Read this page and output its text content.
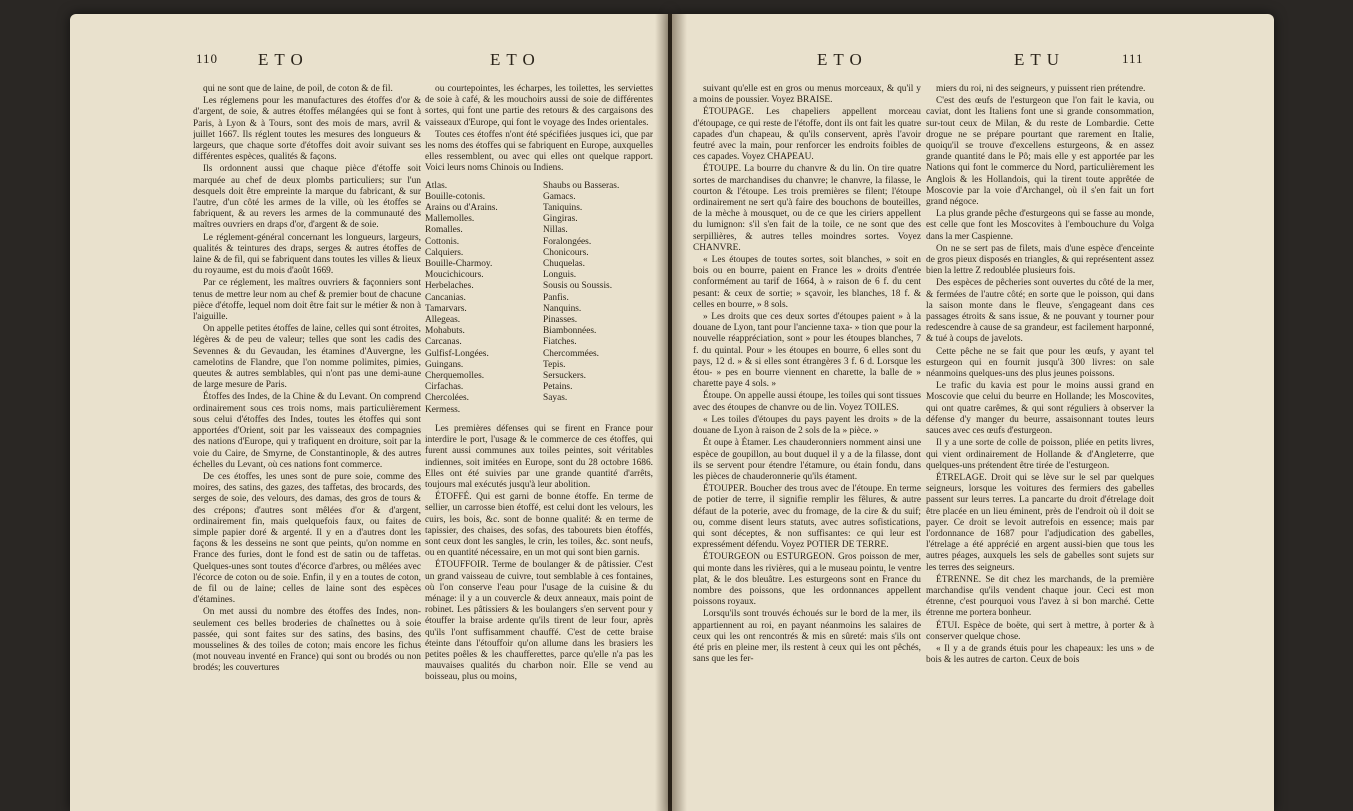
110 ETO	ETO	ETO	ETU	111

qui ne sont que de laine, de poil, de coton & de fil.

Les réglemens pour les manufactures des étoffes d'or & d'argent, de soie, & autres étoffes mélangées qui se font à Paris, à Lyon & à Tours, sont des mois de mars, avril & juillet 1667. Ils réglent toutes les mesures des longueurs & largeurs, que chaque sorte d'étoffes doit avoir suivant ses différentes espèces, qualités & façons.

Ils ordonnent aussi que chaque pièce d'étoffe soit marquée au chef de deux plombs particuliers; sur l'un desquels doit être empreinte la marque du fabricant, & sur l'autre, d'un côté les armes de la ville, où les étoffes se fabriquent, & au revers les armes de la communauté des maîtres ouvriers en draps d'or, d'argent & de soie.

Le réglement-général concernant les longueurs, largeurs, qualités & teintures des draps, serges & autres étoffes de laine & de fil, qui se fabriquent dans toutes les villes & lieux du royaume, est du mois d'août 1669.

Par ce réglement, les maîtres ouvriers & façonniers sont tenus de mettre leur nom au chef & premier bout de chacune pièce d'étoffe, lequel nom doit être fait sur le métier & non à l'aiguille.

On appelle petites étoffes de laine, celles qui sont étroites, légères & de peu de valeur; telles que sont les cadis des Sevennes & du Gevaudan, les étamines d'Auvergne, les camelotins de Flandre, que l'on nomme polimites, pimies, queutes & autres semblables, qui n'ont pas une demi-aune de large mesure de Paris.

Étoffes des Indes, de la Chine & du Levant. On comprend ordinairement sous ces trois noms, mais particulièrement sous celui d'étoffes des Indes, toutes les étoffes qui sont apportées d'Orient, soit par les vaisseaux des compagnies des nations d'Europe, qui y trafiquent en droiture, soit par la voie du Caire, de Smyrne, de Constantinople, & des autres échelles du Levant, où ces nations font commerce.

De ces étoffes, les unes sont de pure soie, comme des moires, des satins, des gazes, des taffetas, des brocards, des serges de soie, des velours, des damas, des gros de tours & des crépons; d'autres sont mêlées d'or & d'argent, ordinairement fin, mais quelquefois faux, ou faites de simple papier doré & argenté. Il y en a d'autres dont les façons & les desseins ne sont que peints, qu'on nomme en France des furies, dont le fond est de satin ou de taffetas. Quelques-unes sont toutes d'écorce d'arbres, ou mêlées avec l'écorce de coton ou de soie. Enfin, il y en a toutes de coton, de fil ou de laine; celles de laine sont des espèces d'étamines.

On met aussi du nombre des étoffes des Indes, non-seulement ces belles broderies de chaînettes ou à soie passée, qui sont faites sur des satins, des basins, des mousselines & des toiles de coton; mais encore les fichus (mot nouveau inventé en France) qui sont ou brodés ou non brodés; les couvertures

ou courtepointes, les écharpes, les toilettes, les serviettes de soie à café, & les mouchoirs aussi de soie de différentes sortes, qui font une partie des retours & des cargaisons des vaisseaux d'Europe, qui font le voyage des Indes orientales.

Toutes ces étoffes n'ont été spécifiées jusques ici, que par les noms des étoffes qui se fabriquent en Europe, auxquelles elles ressemblent, ou avec qui elles ont quelque rapport. Voici leurs noms Chinois ou Indiens.

Atlas.	Shaubs ou Basseras.
Bouille-cotonis.	Gamacs.
Arains ou d'Arains.	Taniquins.
Mallemolles.	Gingiras.
Romalles.	Nillas.
Cottonis.	Foralongées.
Calquiers.	Chonicours.
Bouille-Charmoy.	Chuquelas.
Moucichicours.	Longuis.
Herbelaches.	Sousis ou Soussis.
Cancanias.	Panfis.
Tamarvars.	Nanquins.
Allegeas.	Pinasses.
Mohabuts.	Biambonnées.
Carcanas.	Fiatches.
Gulfisf-Longées.	Chercommées.
Guingans.	Tepis.
Cherquemolles.	Sersuckers.
Cirfachas.	Petains.
Chercolées.	Sayas.
Kermess.

Les premières défenses qui se firent en France pour interdire le port, l'usage & le commerce de ces étoffes, qui furent aussi communes aux toiles peintes, soit véritables indiennes, soit imitées en Europe, sont du 28 octobre 1686. Elles ont été suivies par une grande quantité d'arrêts, toujours mal exécutés jusqu'à leur abolition.

ÉTOFFÉ. Qui est garni de bonne étoffe. En terme de sellier, un carrosse bien étoffé, est celui dont les velours, les cuirs, les bois, &c. sont de bonne qualité: & en terme de tapissier, des chaises, des sofas, des tabourets bien étoffés, sont ceux dont les sangles, le crin, les toiles, &c. sont neufs, ou en quantité nécessaire, en un mot qui sont bien garnis.

ÉTOUFFOIR. Terme de boulanger & de pâtissier. C'est un grand vaisseau de cuivre, tout semblable à ces fontaines, où l'on conserve l'eau pour l'usage de la cuisine & du ménage: il y a un couvercle & deux anneaux, mais point de robinet. Les pâtissiers & les boulangers s'en servent pour y étouffer la braise ardente qu'ils tirent de leur four, après qu'ils l'ont suffisamment chauffé. C'est de cette braise éteinte dans l'étouffoir qu'on allume dans les brasiers les petites poêles & les chaufferettes, parce qu'elle n'a pas les mauvaises qualités du charbon noir. Elle se vend au boisseau, plus ou moins,

suivant qu'elle est en gros ou menus morceaux, & qu'il y a moins de poussier. Voyez BRAISE.

ÉTOUPAGE. Les chapeliers appellent morceau d'étoupage, ce qui reste de l'étoffe, dont ils ont fait les quatre capades d'un chapeau, & qu'ils conservent, après l'avoir feutré avec la main, pour renforcer les endroits foibles de ces capades. Voyez CHAPEAU.

ÉTOUPE. La bourre du chanvre & du lin. On tire quatre sortes de marchandises du chanvre; le chanvre, la filasse, le courton & l'étoupe. Les trois premières se filent; l'étoupe ordinairement ne sert qu'à faire des bouchons de bouteilles, de la mèche à mousquet, ou de ce que les ciriers appellent du lumignon: s'il s'en fait de la toile, ce ne sont que des serpillières, & autres telles moindres sortes. Voyez CHANVRE.

« Les étoupes de toutes sortes, soit blanches, » soit en bois ou en bourre, paient en France les » droits d'entrée conformément au tarif de 1664, à » raison de 6 f. du cent pesant: & ceux de sortie; » sçavoir, les blanches, 18 f. & celles en bourre, » 8 sols.

» Les droits que ces deux sortes d'étoupes paient » à la douane de Lyon, tant pour l'ancienne taxa- » tion que pour la nouvelle réappréciation, sont » pour les étoupes blanches, 7 f. du quintal. Pour » les étoupes en bourre, 6 elles sont du pays, 12 d. » & si elles sont étrangères 3 f. 6 d. Lorsque les étou- » pes en bourre viennent en charette, la balle de » charette paye 4 sols. »

Étoupe. On appelle aussi étoupe, les toiles qui sont tissues avec des étoupes de chanvre ou de lin. Voyez TOILES.

« Les toiles d'étoupes du pays payent les droits » de la douane de Lyon à raison de 2 sols de la » pièce. »

Ét oupe à Étamer. Les chauderonniers nomment ainsi une espèce de goupillon, au bout duquel il y a de la filasse, dont ils se servent pour étendre l'étamure, ou étain fondu, dans les pièces de chauderonnerie qu'ils étament.

ÉTOUPER. Boucher des trous avec de l'étoupe. En terme de potier de terre, il signifie remplir les fêlures, & autre défaut de la poterie, avec du fromage, de la cire & du suif; ou, comme disent leurs statuts, avec autres sofistications, qui sont déceptes, & non suffisantes: ce qui leur est expressément défendu. Voyez POTIER DE TERRE.

ÉTOURGEON ou ESTURGEON. Gros poisson de mer, qui monte dans les rivières, qui a le museau pointu, le ventre plat, & le dos bleuâtre. Les esturgeons sont en France du nombre des poissons, que les ordonnances appellent poissons royaux.

Lorsqu'ils sont trouvés échoués sur le bord de la mer, ils appartiennent au roi, en payant néanmoins les salaires de ceux qui les ont rencontrés & mis en sûreté: mais s'ils ont été pris en pleine mer, ils restent à ceux qui les ont pêchés, sans que les fer-

miers du roi, ni des seigneurs, y puissent rien prétendre.

C'est des œufs de l'esturgeon que l'on fait le kavia, ou caviat, dont les Italiens font une si grande consommation, sur-tout ceux de Milan, & du reste de Lombardie. Cette drogue ne se prépare pourtant que rarement en Italie, quoiqu'il se trouve d'excellens esturgeons, & en assez grande quantité dans le Pô; mais elle y est apportée par les Nations qui font le commerce du Nord, particulièrement les Anglois & les Hollandois, qui la tirent toute apprêtée de Moscovie par la voie d'Archangel, où il s'en fait un fort grand négoce.

La plus grande pêche d'esturgeons qui se fasse au monde, est celle que font les Moscovites à l'embouchure du Volga dans la mer Caspienne.

On ne se sert pas de filets, mais d'une espèce d'enceinte de gros pieux disposés en triangles, & qui représentent assez bien la lettre Z redoublée plusieurs fois.

Des espèces de pêcheries sont ouvertes du côté de la mer, & fermées de l'autre côté; en sorte que le poisson, qui dans la saison monte dans le fleuve, s'engageant dans ces passages étroits & sans issue, & ne pouvant y tourner pour redescendre à cause de sa grandeur, est facilement harponné, & tué à coups de javelots.

Cette pêche ne se fait que pour les œufs, y ayant tel esturgeon qui en fournit jusqu'à 300 livres: on sale néanmoins quelques-uns des plus jeunes poissons.

Le trafic du kavia est pour le moins aussi grand en Moscovie que celui du beurre en Hollande; les Moscovites, qui ont quatre carêmes, & qui sont réguliers à observer la défense d'y manger du beurre, assaisonnant toutes leurs sauces avec ces œufs d'esturgeon.

Il y a une sorte de colle de poisson, pliée en petits livres, qui vient ordinairement de Hollande & d'Angleterre, que quelques-uns prétendent être tirée de l'esturgeon.

ÉTRELAGE. Droit qui se lève sur le sel par quelques seigneurs, lorsque les voitures des fermiers des gabelles passent sur leurs terres. La pancarte du droit d'étrelage doit être placée en un lieu éminent, près de l'endroit où il doit se payer. Ce droit se levoit autrefois en essence; mais par l'ordonnance de 1687 pour l'adjudication des gabelles, l'étrelage a été apprécié en argent aussi-bien que tous les autres péages, auxquels les sels de gabelles sont sujets sur les terres des seigneurs.

ÉTRENNE. Se dit chez les marchands, de la première marchandise qu'ils vendent chaque jour. Ceci est mon étrenne, c'est pourquoi vous l'avez à si bon marché. Cette étrenne me portera bonheur.

ÉTUI. Espèce de boëte, qui sert à mettre, à porter & à conserver quelque chose.

« Il y a de grands étuis pour les chapeaux: les uns » de bois & les autres de carton. Ceux de bois
